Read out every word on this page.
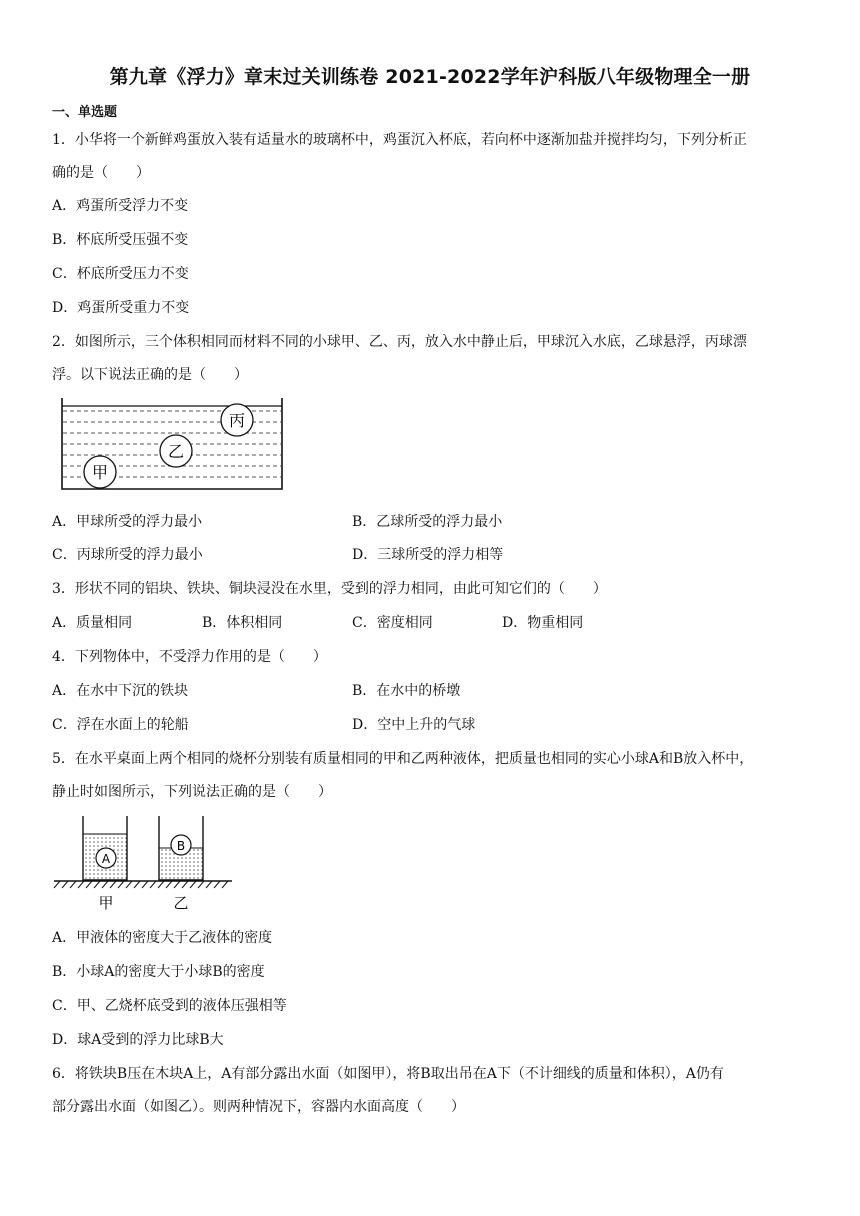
第九章《浮力》章末过关训练卷 2021-2022学年沪科版八年级物理全一册
一、单选题
1．小华将一个新鲜鸡蛋放入装有适量水的玻璃杯中，鸡蛋沉入杯底，若向杯中逐渐加盐并搅拌均匀，下列分析正
确的是（　　）
A．鸡蛋所受浮力不变
B．杯底所受压强不变
C．杯底所受压力不变
D．鸡蛋所受重力不变
2．如图所示，三个体积相同而材料不同的小球甲、乙、丙，放入水中静止后，甲球沉入水底，乙球悬浮，丙球漂
浮。以下说法正确的是（　　）
甲
乙
丙
A．甲球所受的浮力最小	B．乙球所受的浮力最小
C．丙球所受的浮力最小	D．三球所受的浮力相等
3．形状不同的铝块、铁块、铜块浸没在水里，受到的浮力相同，由此可知它们的（　　）
A．质量相同	B．体积相同	C．密度相同	D．物重相同
4．下列物体中，不受浮力作用的是（　　）
A．在水中下沉的铁块	B．在水中的桥墩
C．浮在水面上的轮船	D．空中上升的气球
5．在水平桌面上两个相同的烧杯分别装有质量相同的甲和乙两种液体，把质量也相同的实心小球A和B放入杯中，
静止时如图所示，下列说法正确的是（　　）
A
B
甲	乙
A．甲液体的密度大于乙液体的密度
B．小球A的密度大于小球B的密度
C．甲、乙烧杯底受到的液体压强相等
D．球A受到的浮力比球B大
6．将铁块B压在木块A上，A有部分露出水面（如图甲），将B取出吊在A下（不计细线的质量和体积），A仍有
部分露出水面（如图乙）。则两种情况下，容器内水面高度（　　）
